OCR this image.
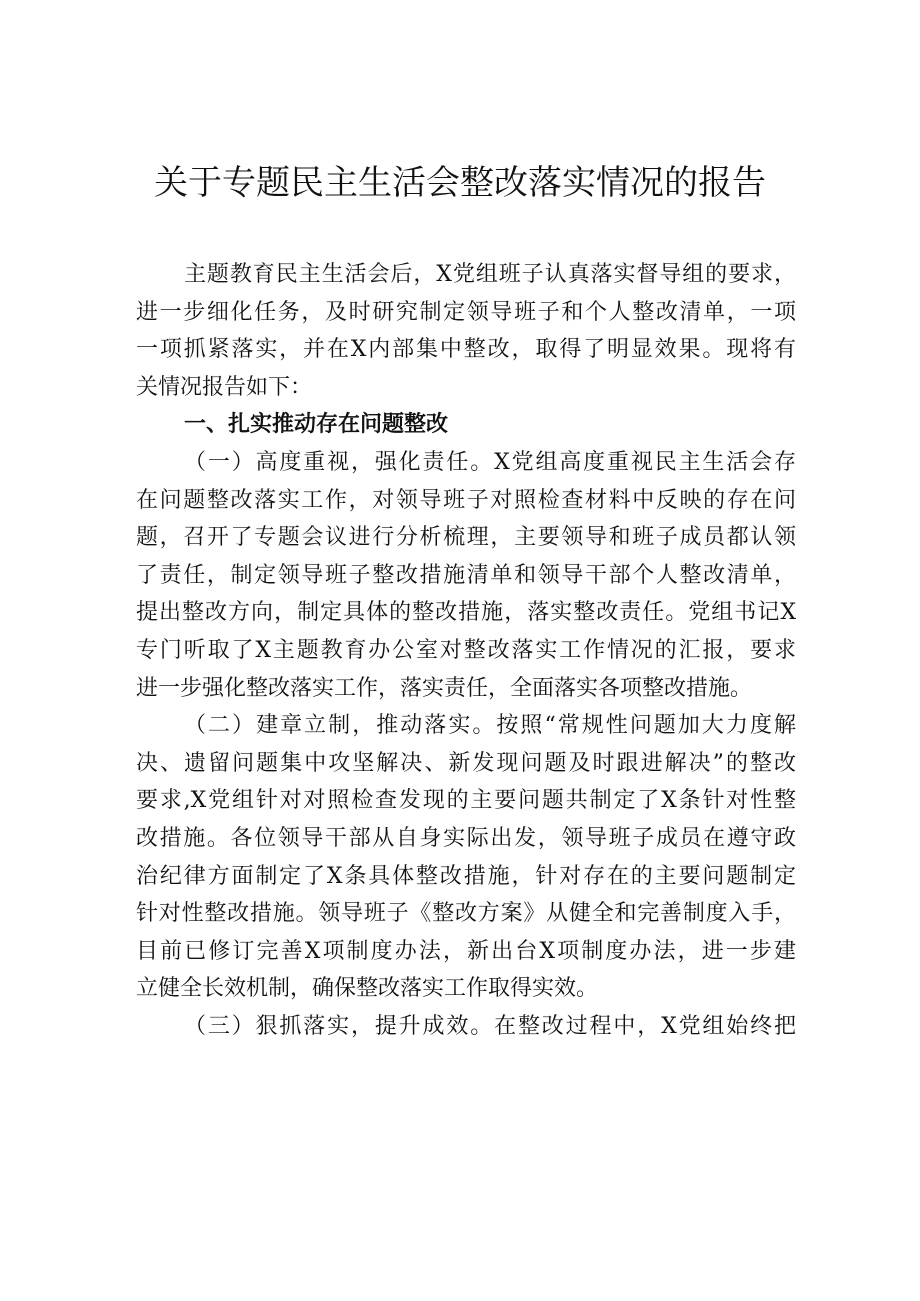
关于专题民主生活会整改落实情况的报告
主题教育民主生活会后，X党组班子认真落实督导组的要求，
进一步细化任务，及时研究制定领导班子和个人整改清单，一项
一项抓紧落实，并在X内部集中整改，取得了明显效果。现将有
关情况报告如下：
一、扎实推动存在问题整改
（一）高度重视，强化责任。X党组高度重视民主生活会存
在问题整改落实工作，对领导班子对照检查材料中反映的存在问
题，召开了专题会议进行分析梳理，主要领导和班子成员都认领
了责任，制定领导班子整改措施清单和领导干部个人整改清单，
提出整改方向，制定具体的整改措施，落实整改责任。党组书记X
专门听取了X主题教育办公室对整改落实工作情况的汇报，要求
进一步强化整改落实工作，落实责任，全面落实各项整改措施。
（二）建章立制，推动落实。按照“常规性问题加大力度解
决、遗留问题集中攻坚解决、新发现问题及时跟进解决”的整改
要求,X党组针对对照检查发现的主要问题共制定了X条针对性整
改措施。各位领导干部从自身实际出发，领导班子成员在遵守政
治纪律方面制定了X条具体整改措施，针对存在的主要问题制定
针对性整改措施。领导班子《整改方案》从健全和完善制度入手，
目前已修订完善X项制度办法，新出台X项制度办法，进一步建
立健全长效机制，确保整改落实工作取得实效。
（三）狠抓落实，提升成效。在整改过程中，X党组始终把
